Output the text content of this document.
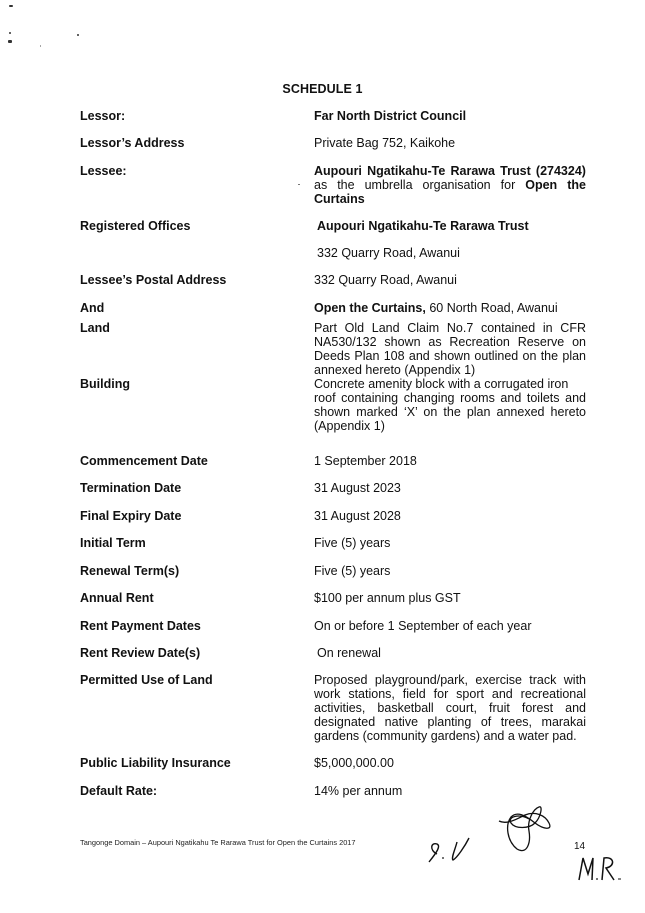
SCHEDULE 1
Lessor:	Far North District Council
Lessor’s Address	Private Bag 752, Kaikohe
Lessee:	Aupouri Ngatikahu-Te Rarawa Trust (274324)
as the umbrella organisation for Open the
Curtains
Registered Offices	Aupouri Ngatikahu-Te Rarawa Trust
332 Quarry Road, Awanui
Lessee’s Postal Address	332 Quarry Road, Awanui
And	Open the Curtains, 60 North Road, Awanui
Land	Part Old Land Claim No.7 contained in CFR NA530/132 shown as Recreation Reserve on Deeds Plan 108 and shown outlined on the plan annexed hereto (Appendix 1)
Building	Concrete amenity block with a corrugated iron
roof containing changing rooms and toilets and shown marked ‘X’ on the plan annexed hereto (Appendix 1)
Commencement Date	1 September 2018
Termination Date	31 August 2023
Final Expiry Date	31 August 2028
Initial Term	Five (5) years
Renewal Term(s)	Five (5) years
Annual Rent	$100 per annum plus GST
Rent Payment Dates	On or before 1 September of each year
Rent Review Date(s)	On renewal
Permitted Use of Land	Proposed playground/park, exercise track with work stations, field for sport and recreational activities, basketball court, fruit forest and designated native planting of trees, marakai gardens (community gardens) and a water pad.
Public Liability Insurance	$5,000,000.00
Default Rate:	14% per annum
Tangonge Domain – Aupouri Ngatikahu Te Rarawa Trust for Open the Curtains 2017	14
